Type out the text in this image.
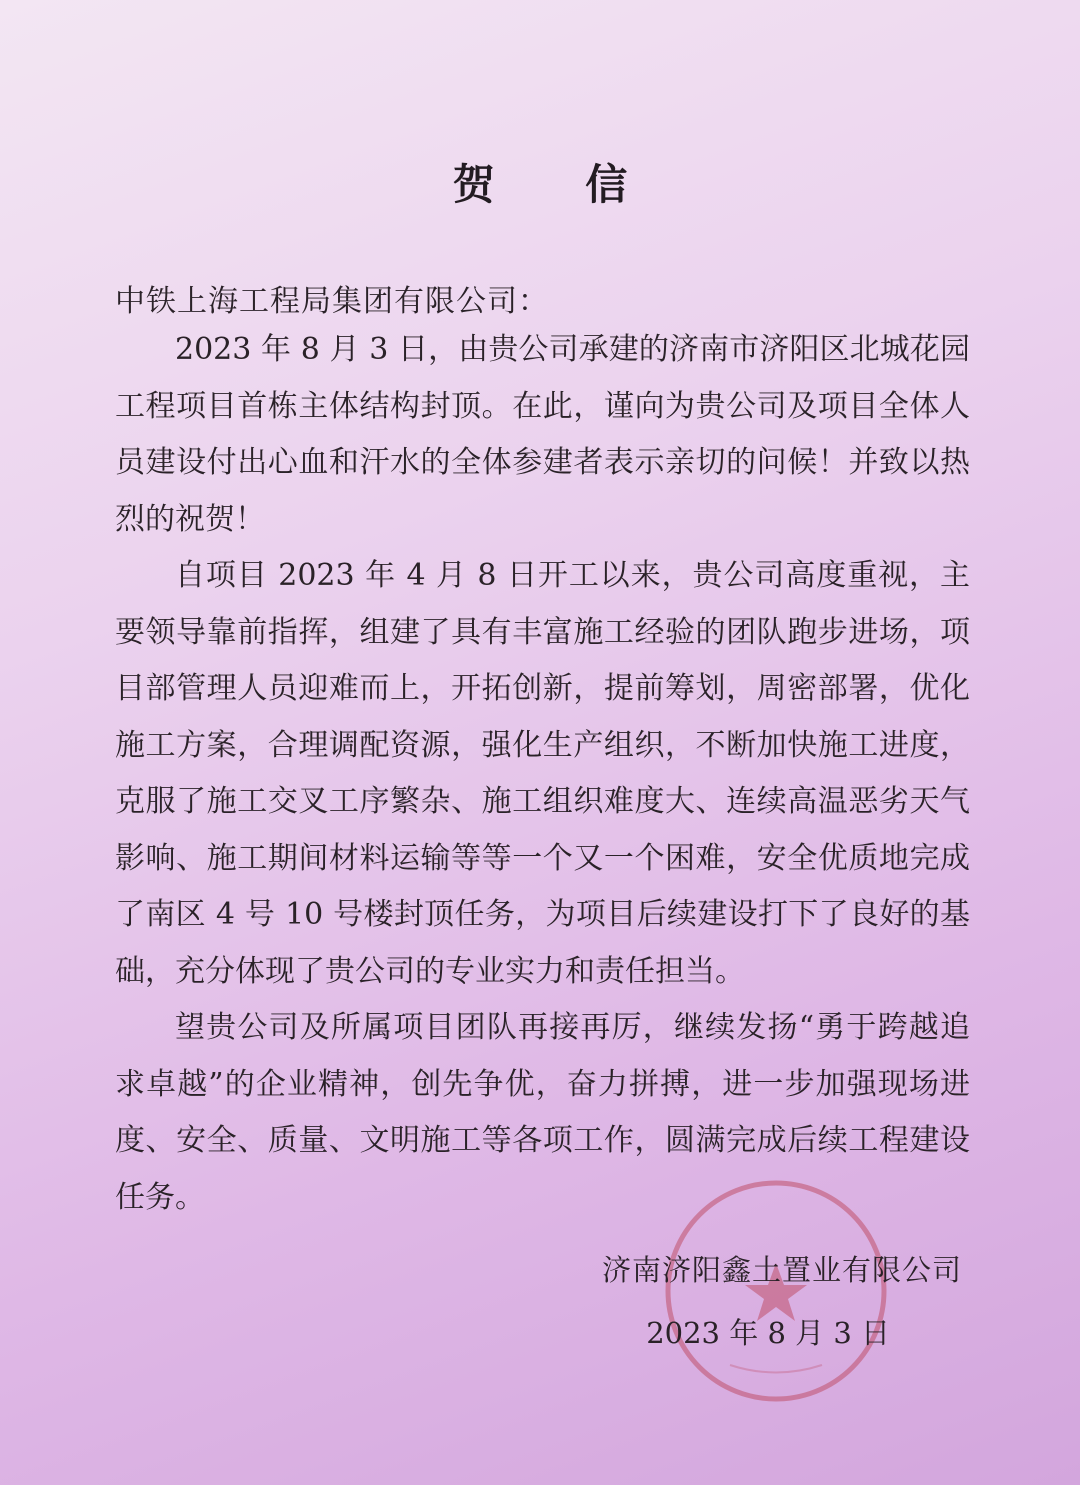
贺 信
中铁上海工程局集团有限公司：

2023 年 8 月 3 日，由贵公司承建的济南市济阳区北城花园工程项目首栋主体结构封顶。在此，谨向为贵公司及项目全体人员建设付出心血和汗水的全体参建者表示亲切的问候！并致以热烈的祝贺！

自项目 2023 年 4 月 8 日开工以来，贵公司高度重视，主要领导靠前指挥，组建了具有丰富施工经验的团队跑步进场，项目部管理人员迎难而上，开拓创新，提前筹划，周密部署，优化施工方案，合理调配资源，强化生产组织，不断加快施工进度，克服了施工交叉工序繁杂、施工组织难度大、连续高温恶劣天气影响、施工期间材料运输等等一个又一个困难，安全优质地完成了南区 4 号 10 号楼封顶任务，为项目后续建设打下了良好的基础，充分体现了贵公司的专业实力和责任担当。

望贵公司及所属项目团队再接再厉，继续发扬“勇于跨越追求卓越”的企业精神，创先争优，奋力拼搏，进一步加强现场进度、安全、质量、文明施工等各项工作，圆满完成后续工程建设任务。

济南济阳鑫土置业有限公司
2023 年 8 月 3 日
